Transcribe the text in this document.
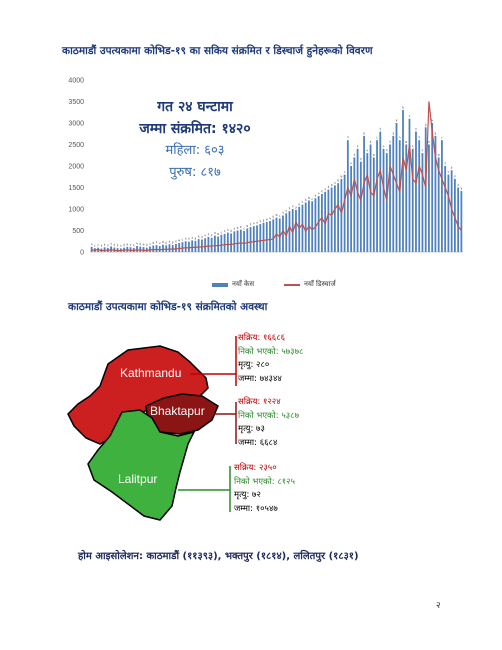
काठमाडौं उपत्यकामा कोभिड-१९ का सकिय संक्रमित र डिस्चार्ज हुनेहरूको विवरण
0
500
1000
1500
2000
2500
3000
3500
4000
० ८ ८ १ १ २ २ १ १ २ ३ ४ २ १ ५ ६ ७ ३ ८ ४ ९ २ ४ ६ १ ३ २ ७ ८ ९ १ २ ४ ६ ३ ५ २ १
४ ७ ८ ९ ५ ३
२ ६ ४ ८
७ ९ ० १ २ ३ ४ ५ ६ ७ ८
९
०
१
२ ३
४
५
६
७ ८
९
०
१
२
३
४
५
६
७
८
९
०
१
२
३
४
५
६
७
८
९
०
१
२
३
४
५
६
७
८
९
०
१
२
३
४
५
६
७
८
९
०
१
२
३
४
गत २४ घन्टामा
जम्मा संक्रमित: १४२०
महिला: ६०३
पुरुष: ८१७
नयाँ केस	नयाँ डिस्चार्ज
काठमाडौं उपत्यकामा कोभिड-१९ संक्रमितको अवस्था
Kathmandu
Bhaktapur
Lalitpur
सक्रिय: १६६८६
निको भएको: ५७३७८
मृत्यु: २८०
जम्मा: ७४३४४
सक्रिय: १२२४
निको भएको: ५३८७
मृत्यु: ७३
जम्मा: ६६८४
सक्रिय: २३५०
निको भएको: ८१२५
मृत्यु: ७२
जम्मा: १०५४७
होम आइसोलेशन: काठमाडौं (११३९३), भक्तपुर (१८१४), ललितपुर (१८३१)
२
